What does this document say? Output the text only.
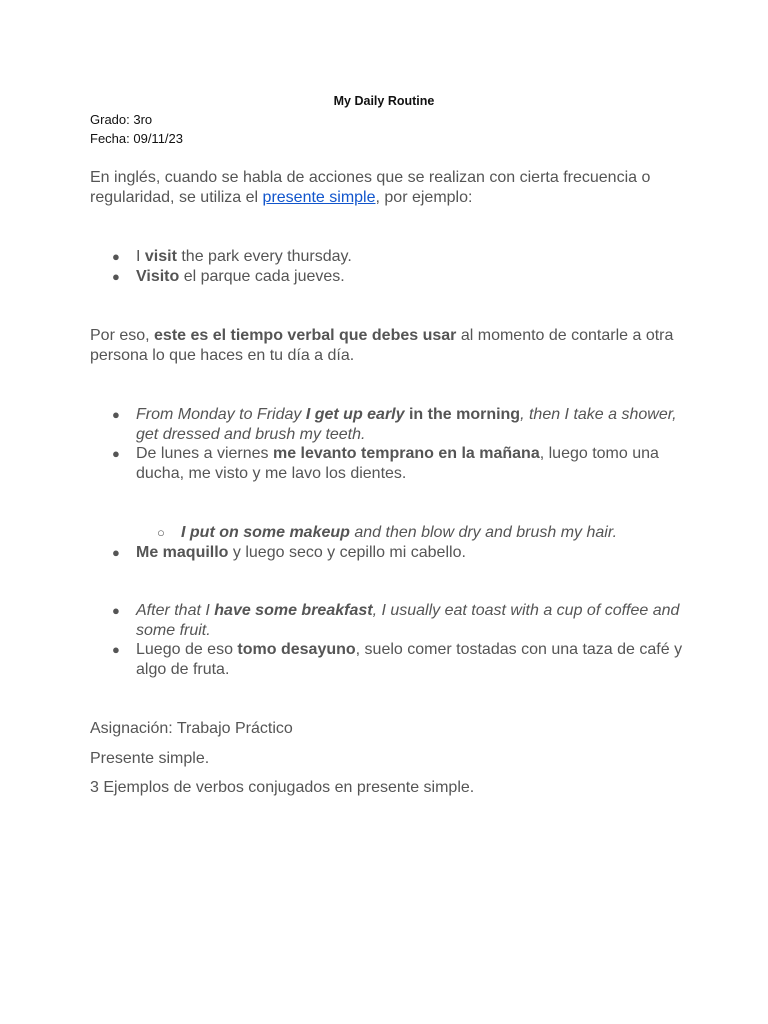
My Daily Routine
Grado: 3ro
Fecha: 09/11/23
En inglés, cuando se habla de acciones que se realizan con cierta frecuencia o regularidad, se utiliza el presente simple, por ejemplo:
●	I visit the park every thursday.
●	Visito el parque cada jueves.
Por eso, este es el tiempo verbal que debes usar al momento de contarle a otra persona lo que haces en tu día a día.
●	From Monday to Friday I get up early in the morning, then I take a shower, get dressed and brush my teeth.
●	De lunes a viernes me levanto temprano en la mañana, luego tomo una ducha, me visto y me lavo los dientes.
○ I put on some makeup and then blow dry and brush my hair.
●	Me maquillo y luego seco y cepillo mi cabello.
●	After that I have some breakfast, I usually eat toast with a cup of coffee and some fruit.
●	Luego de eso tomo desayuno, suelo comer tostadas con una taza de café y algo de fruta.
Asignación: Trabajo Práctico
Presente simple.
3 Ejemplos de verbos conjugados en presente simple.
